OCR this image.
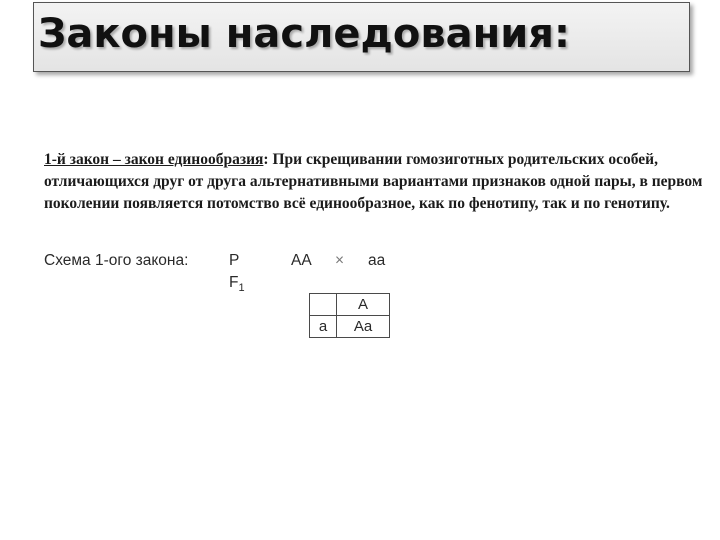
Законы наследования:
1-й закон – закон единообразия: При скрещивании гомозиготных родительских особей, отличающихся друг от друга альтернативными вариантами признаков одной пары, в первом поколении появляется потомство всё единообразное, как по фенотипу, так и по генотипу.
Схема 1-ого закона:	P	AA × aa
$F_1$
	A
a	Aa
